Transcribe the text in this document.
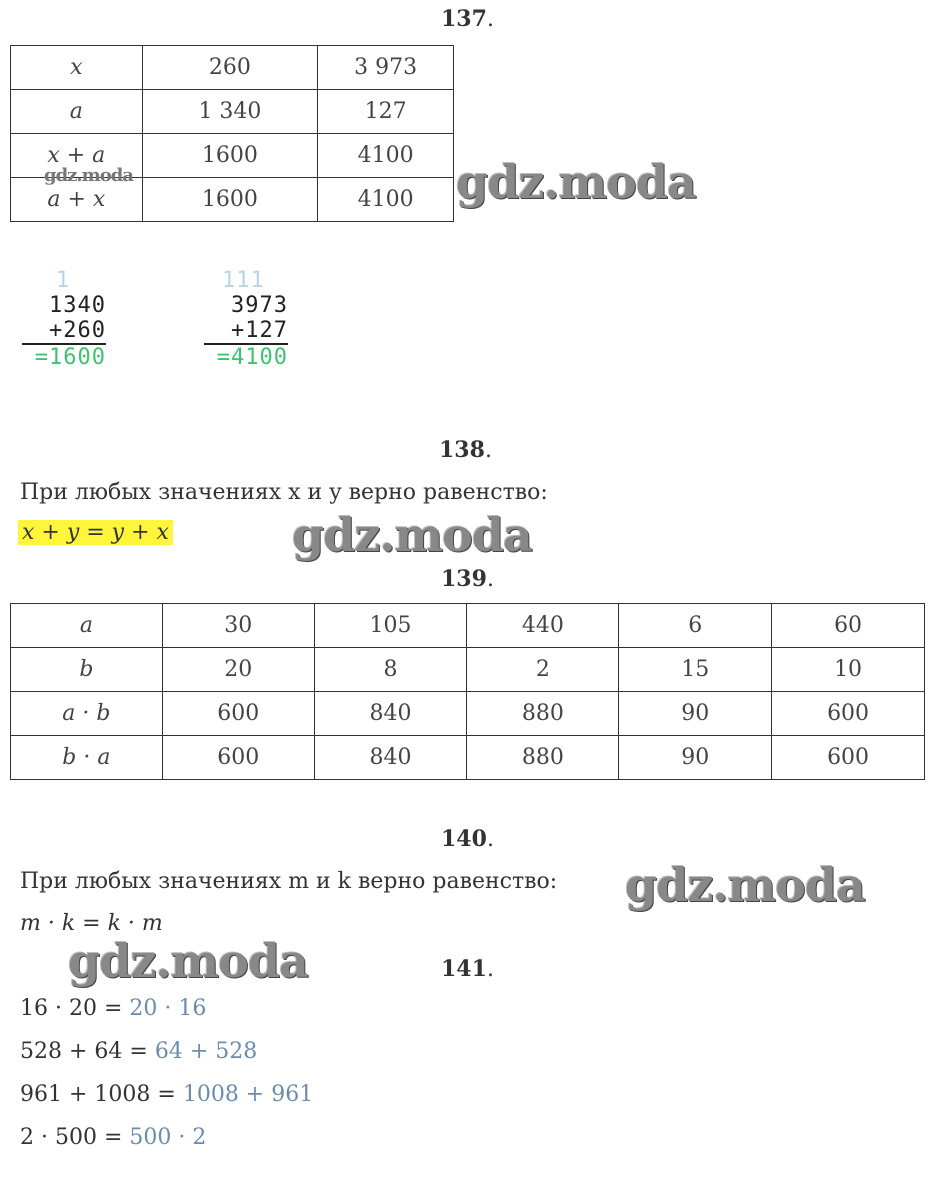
137.
x	260	3 973
a	1 340	127
x + a	1600	4100
a + x	1600	4100
gdz.moda	gdz.moda
1
1340
+260
=1600
111
3973
+127
=4100
138.
При любых значениях x и y верно равенство:
x + y = y + x	gdz.moda
139.
a	30	105	440	6	60
b	20	8	2	15	10
a · b	600	840	880	90	600
b · a	600	840	880	90	600
140.
При любых значениях m и k верно равенство: gdz.moda
m · k = k · m
gdz.moda	141.
16 · 20 = 20 · 16
528 + 64 = 64 + 528
961 + 1008 = 1008 + 961
2 · 500 = 500 · 2
